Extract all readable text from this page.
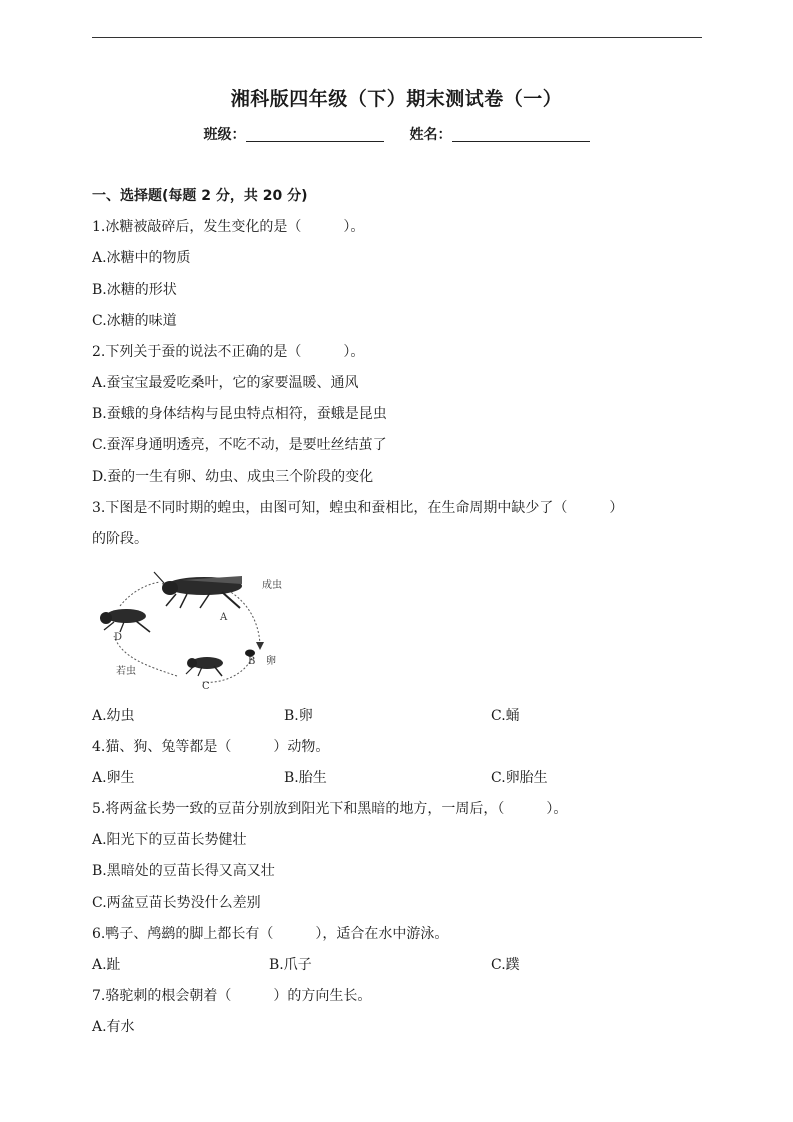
湘科版四年级（下）期末测试卷（一）
班级：	姓名：
一、选择题(每题 2 分，共 20 分)
1.冰糖被敲碎后，发生变化的是（　　　）。
A.冰糖中的物质
B.冰糖的形状
C.冰糖的味道
2.下列关于蚕的说法不正确的是（　　　）。
A.蚕宝宝最爱吃桑叶，它的家要温暖、通风
B.蚕蛾的身体结构与昆虫特点相符，蚕蛾是昆虫
C.蚕浑身通明透亮，不吃不动，是要吐丝结茧了
D.蚕的一生有卵、幼虫、成虫三个阶段的变化
3.下图是不同时期的蝗虫，由图可知，蝗虫和蚕相比，在生命周期中缺少了（　　　）
的阶段。
成虫
A
B 卵
C
D
若虫
A.幼虫	B.卵	C.蛹
4.猫、狗、兔等都是（　　　）动物。
A.卵生	B.胎生	C.卵胎生
5.将两盆长势一致的豆苗分别放到阳光下和黑暗的地方，一周后，（　　　）。
A.阳光下的豆苗长势健壮
B.黑暗处的豆苗长得又高又壮
C.两盆豆苗长势没什么差别
6.鸭子、鸬鹚的脚上都长有（　　　），适合在水中游泳。
A.趾	B.爪子	C.蹼
7.骆驼刺的根会朝着（　　　）的方向生长。
A.有水
